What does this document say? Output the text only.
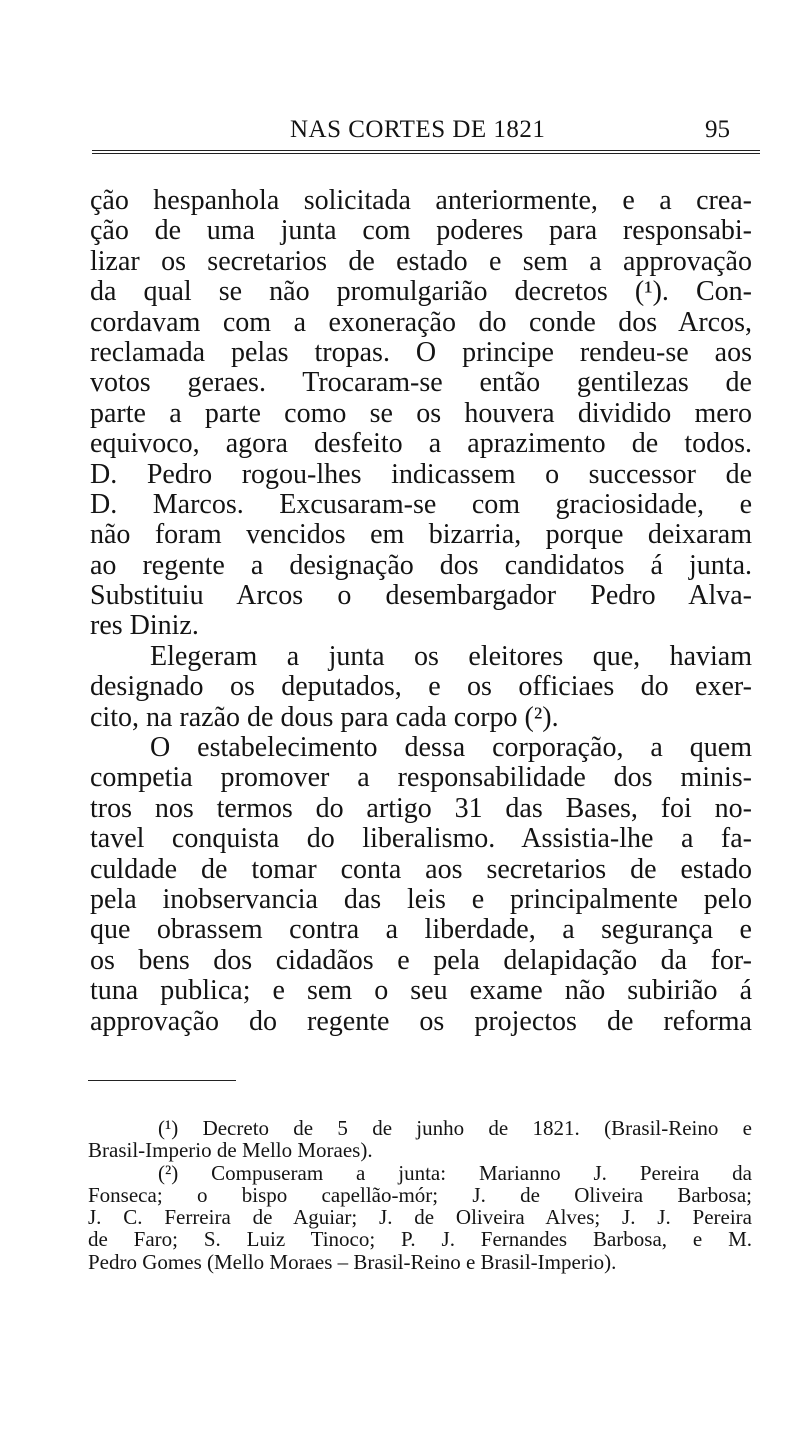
NAS CORTES DE 1821	95
ção hespanhola solicitada anteriormente, e a crea-
ção de uma junta com poderes para responsabi-
lizar os secretarios de estado e sem a approvação
da qual se não promulgarião decretos (¹). Con-
cordavam com a exoneração do conde dos Arcos,
reclamada pelas tropas. O principe rendeu-se aos
votos geraes. Trocaram-se então gentilezas de
parte a parte como se os houvera dividido mero
equivoco, agora desfeito a aprazimento de todos.
D. Pedro rogou-lhes indicassem o successor de
D. Marcos. Excusaram-se com graciosidade, e
não foram vencidos em bizarria, porque deixaram
ao regente a designação dos candidatos á junta.
Substituiu Arcos o desembargador Pedro Alva-
res Diniz.
Elegeram a junta os eleitores que, haviam
designado os deputados, e os officiaes do exer-
cito, na razão de dous para cada corpo (²).
O estabelecimento dessa corporação, a quem
competia promover a responsabilidade dos minis-
tros nos termos do artigo 31 das Bases, foi no-
tavel conquista do liberalismo. Assistia-lhe a fa-
culdade de tomar conta aos secretarios de estado
pela inobservancia das leis e principalmente pelo
que obrassem contra a liberdade, a segurança e
os bens dos cidadãos e pela delapidação da for-
tuna publica; e sem o seu exame não subirião á
approvação do regente os projectos de reforma
(¹) Decreto de 5 de junho de 1821. (Brasil-Reino e
Brasil-Imperio de Mello Moraes).
(²) Compuseram a junta: Marianno J. Pereira da
Fonseca; o bispo capellão-mór; J. de Oliveira Barbosa;
J. C. Ferreira de Aguiar; J. de Oliveira Alves; J. J. Pereira
de Faro; S. Luiz Tinoco; P. J. Fernandes Barbosa, e M.
Pedro Gomes (Mello Moraes – Brasil-Reino e Brasil-Imperio).
